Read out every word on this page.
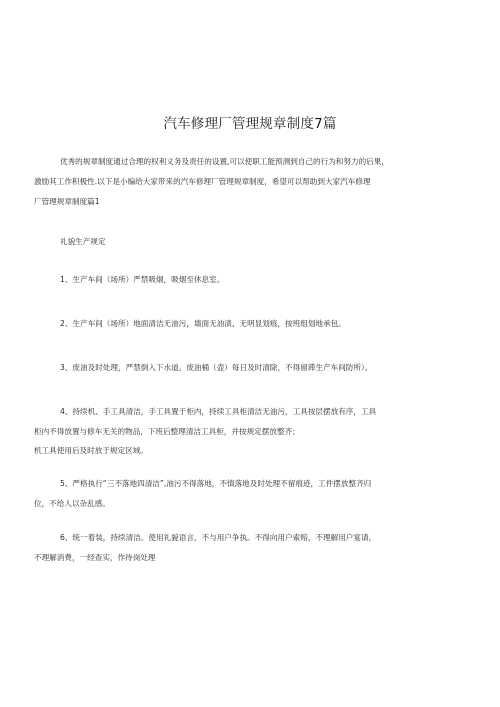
汽车修理厂管理规章制度7篇
优秀的规章制度通过合理的权利义务及责任的设置,可以使职工能预测到自己的行为和努力的后果，
激励其工作积极性.以下是小编给大家带来的汽车修理厂管理规章制度，希望可以帮助到大家汽车修理
厂管理规章制度篇1
礼貌生产规定
1、生产车间（场所）严禁吸烟，吸烟至休息室。
2、生产车间（场所）地面清洁无油污，墙面无油渍、无明显划痕，按班组划地承包。
3、废油及时处理，严禁倒入下水道。废油桶（壶）每日及时清除，不得留滞生产车间防所）。
4、持续机、手工具清洁，手工具置于柜内，持续工具柜清洁无油污，工具按层摆放有序，工具
柜内不得放置与修车无关的物品，下班后整理清洁工具柜，并按规定摆放整齐；
机工具使用后及时放于规定区域。
5、严格执行“三不落地四清洁”,油污不得落地，不慎落地及时处理不留痕迹，工件摆放整齐归
位，不给人以杂乱感。
6、统一着装，持续清洁。使用礼貌语言，不与用户争执。不得向用户索赔，不理解用户宴请，
不理解消费，一经查实，作待岗处理
